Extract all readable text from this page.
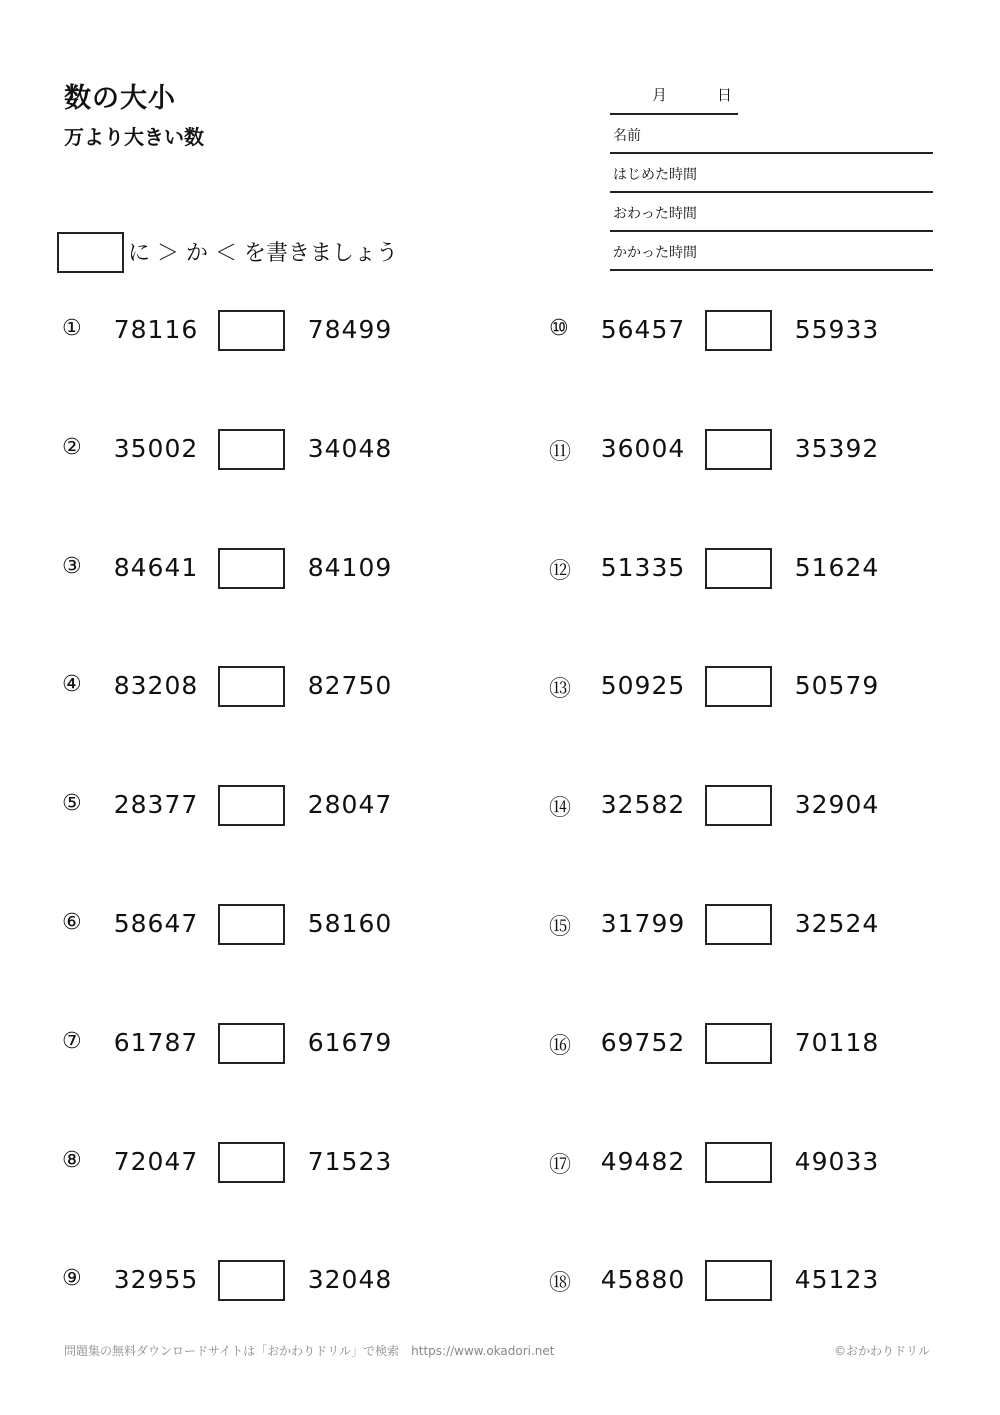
数の大小
万より大きい数
月	日
名前
はじめた時間
おわった時間
かかった時間
に ＞ か ＜ を書きましょう
①	78116	78499
②	35002	34048
③	84641	84109
④	83208	82750
⑤	28377	28047
⑥	58647	58160
⑦	61787	61679
⑧	72047	71523
⑨	32955	32048
⑩	56457	55933
⑪	36004	35392
⑫	51335	51624
⑬	50925	50579
⑭	32582	32904
⑮	31799	32524
⑯	69752	70118
⑰	49482	49033
⑱	45880	45123
問題集の無料ダウンロードサイトは「おかわりドリル」で検索　https://www.okadori.net	©おかわりドリル
